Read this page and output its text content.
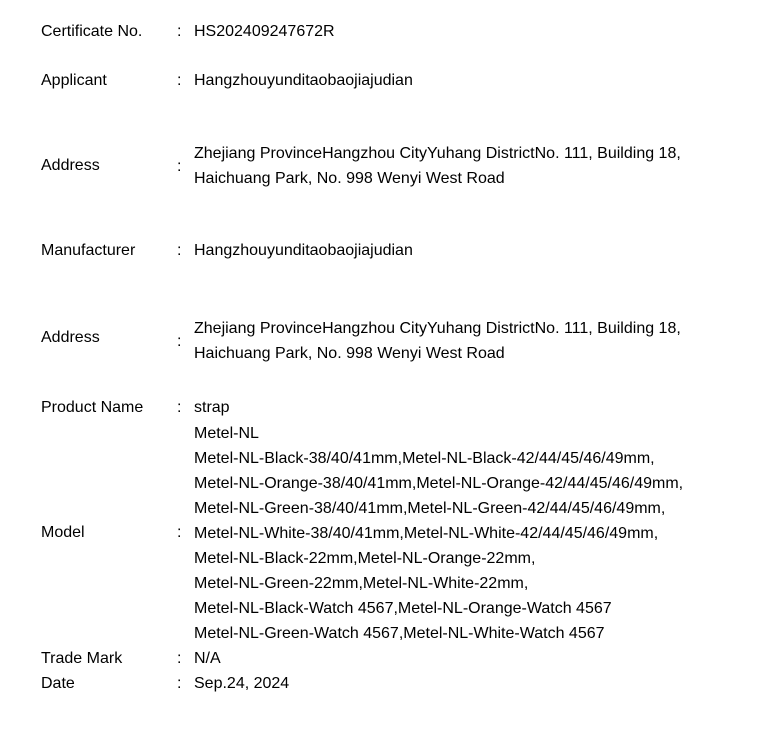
Certificate No. : HS202409247672R
Applicant	: Hangzhouyunditaobaojiajudian
Address	:
Zhejiang ProvinceHangzhou CityYuhang DistrictNo. 111, Building 18,
Haichuang Park, No. 998 Wenyi West Road
Manufacturer	: Hangzhouyunditaobaojiajudian
Address	:
Zhejiang ProvinceHangzhou CityYuhang DistrictNo. 111, Building 18,
Haichuang Park, No. 998 Wenyi West Road
Product Name : strap
Model	:
Metel-NL
Metel-NL-Black-38/40/41mm,Metel-NL-Black-42/44/45/46/49mm,
Metel-NL-Orange-38/40/41mm,Metel-NL-Orange-42/44/45/46/49mm,
Metel-NL-Green-38/40/41mm,Metel-NL-Green-42/44/45/46/49mm,
Metel-NL-White-38/40/41mm,Metel-NL-White-42/44/45/46/49mm,
Metel-NL-Black-22mm,Metel-NL-Orange-22mm,
Metel-NL-Green-22mm,Metel-NL-White-22mm,
Metel-NL-Black-Watch 4567,Metel-NL-Orange-Watch 4567
Metel-NL-Green-Watch 4567,Metel-NL-White-Watch 4567
Trade Mark	: N/A
Date	: Sep.24, 2024
